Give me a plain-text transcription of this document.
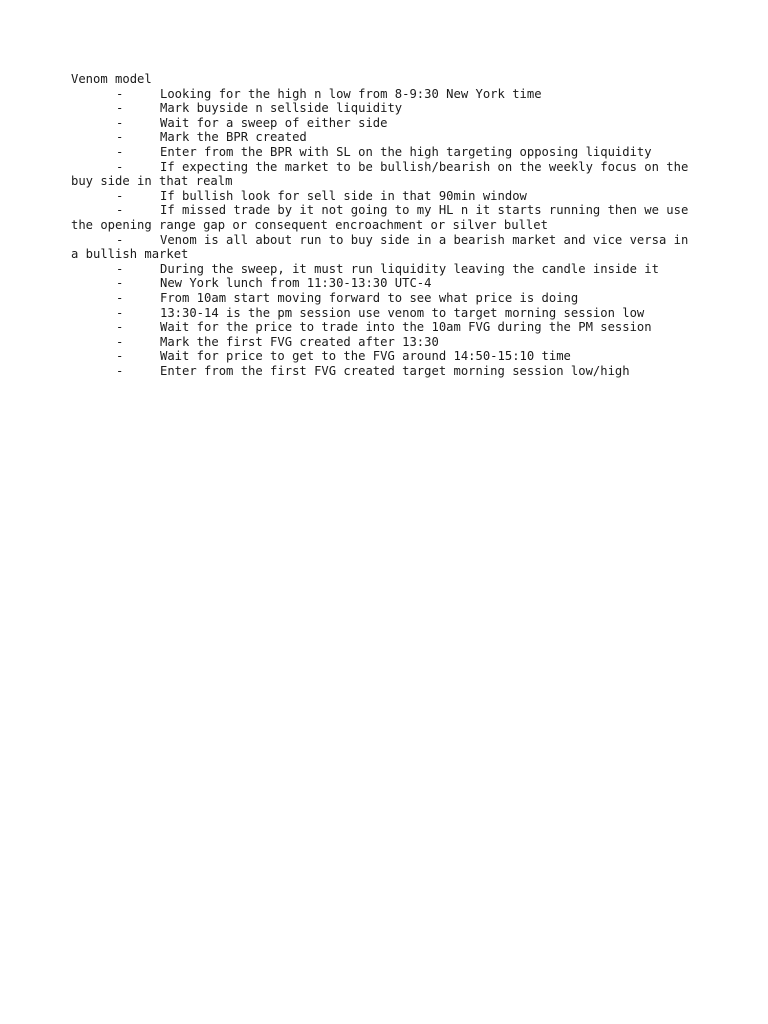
Venom model
-	Looking for the high n low from 8-9:30 New York time
-	Mark buyside n sellside liquidity
-	Wait for a sweep of either side
-	Mark the BPR created
-	Enter from the BPR with SL on the high targeting opposing liquidity
-	If expecting the market to be bullish/bearish on the weekly focus on the buy side in that realm
-	If bullish look for sell side in that 90min window
-	If missed trade by it not going to my HL n it starts running then we use the opening range gap or consequent encroachment or silver bullet
-	Venom is all about run to buy side in a bearish market and vice versa in a bullish market
-	During the sweep, it must run liquidity leaving the candle inside it
-	New York lunch from 11:30-13:30 UTC-4
-	From 10am start moving forward to see what price is doing
-	13:30-14 is the pm session use venom to target morning session low
-	Wait for the price to trade into the 10am FVG during the PM session
-	Mark the first FVG created after 13:30
-	Wait for price to get to the FVG around 14:50-15:10 time
-	Enter from the first FVG created target morning session low/high
